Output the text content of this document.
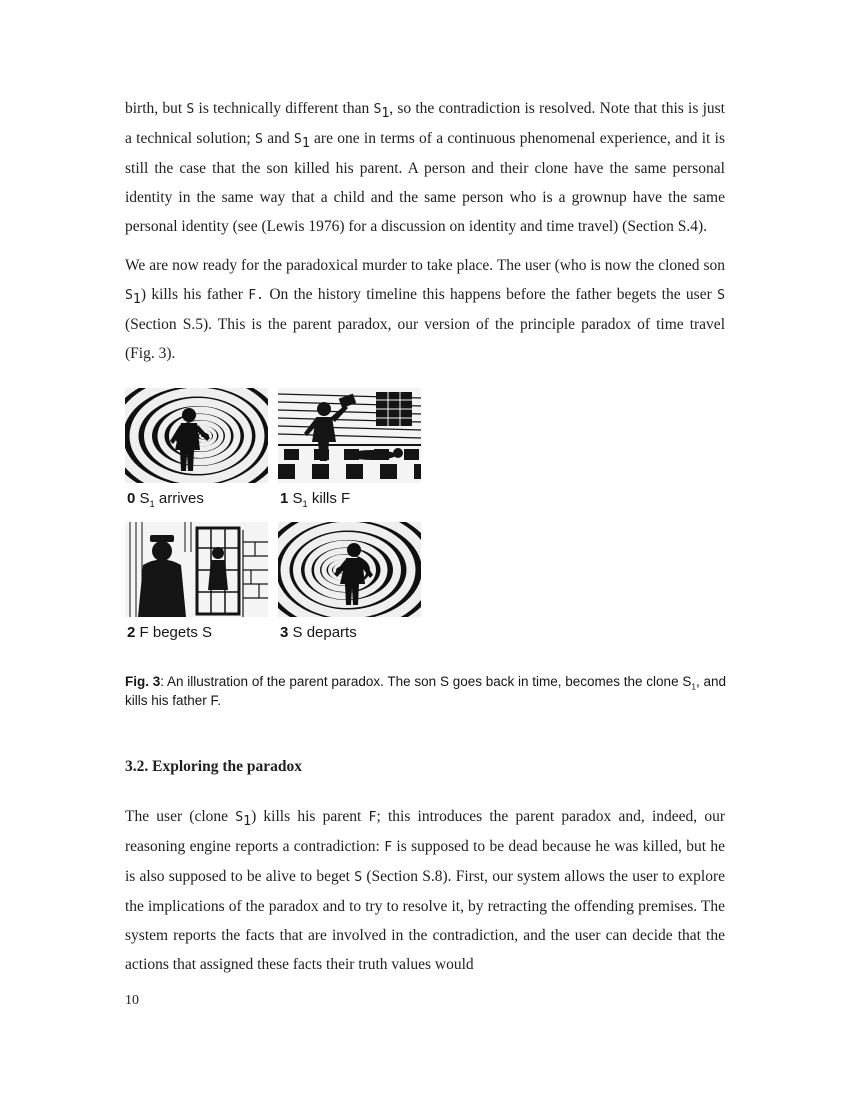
birth, but S is technically different than $S_1$, so the contradiction is resolved. Note that this is just a technical solution; S and $S_1$ are one in terms of a continuous phenomenal experience, and it is still the case that the son killed his parent. A person and their clone have the same personal identity in the same way that a child and the same person who is a grownup have the same personal identity (see (Lewis 1976) for a discussion on identity and time travel) (Section S.4).

We are now ready for the paradoxical murder to take place. The user (who is now the cloned son $S_1$) kills his father F. On the history timeline this happens before the father begets the user S (Section S.5). This is the parent paradox, our version of the principle paradox of time travel (Fig. 3).

0 $S_1$ arrives	1 $S_1$ kills F
2 F begets S	3 S departs
Fig. 3: An illustration of the parent paradox. The son S goes back in time, becomes the clone $S_1$, and kills his father F.
3.2. Exploring the paradox

The user (clone $S_1$) kills his parent F; this introduces the parent paradox and, indeed, our reasoning engine reports a contradiction: F is supposed to be dead because he was killed, but he is also supposed to be alive to beget S (Section S.8). First, our system allows the user to explore the implications of the paradox and to try to resolve it, by retracting the offending premises. The system reports the facts that are involved in the contradiction, and the user can decide that the actions that assigned these facts their truth values would

10
